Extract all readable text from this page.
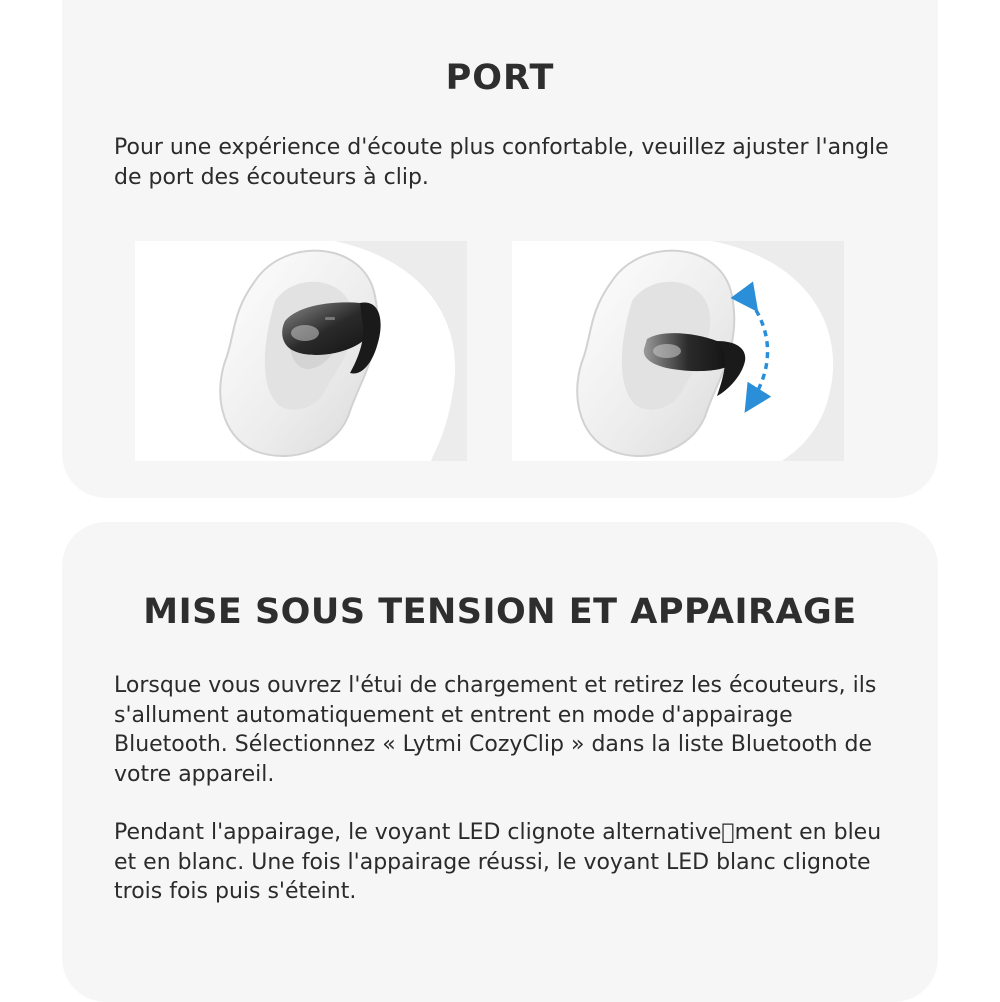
PORT

Pour une expérience d'écoute plus confortable, veuillez ajuster l'angle de port des écouteurs à clip.

MISE SOUS TENSION ET APPAIRAGE

Lorsque vous ouvrez l'étui de chargement et retirez les écouteurs, ils s'allument automatiquement et entrent en mode d'appairage Bluetooth. Sélectionnez « Lytmi CozyClip » dans la liste Bluetooth de votre appareil.

Pendant l'appairage, le voyant LED clignote alternative ment en bleu et en blanc. Une fois l'appairage réussi, le voyant LED blanc clignote trois fois puis s'éteint.
